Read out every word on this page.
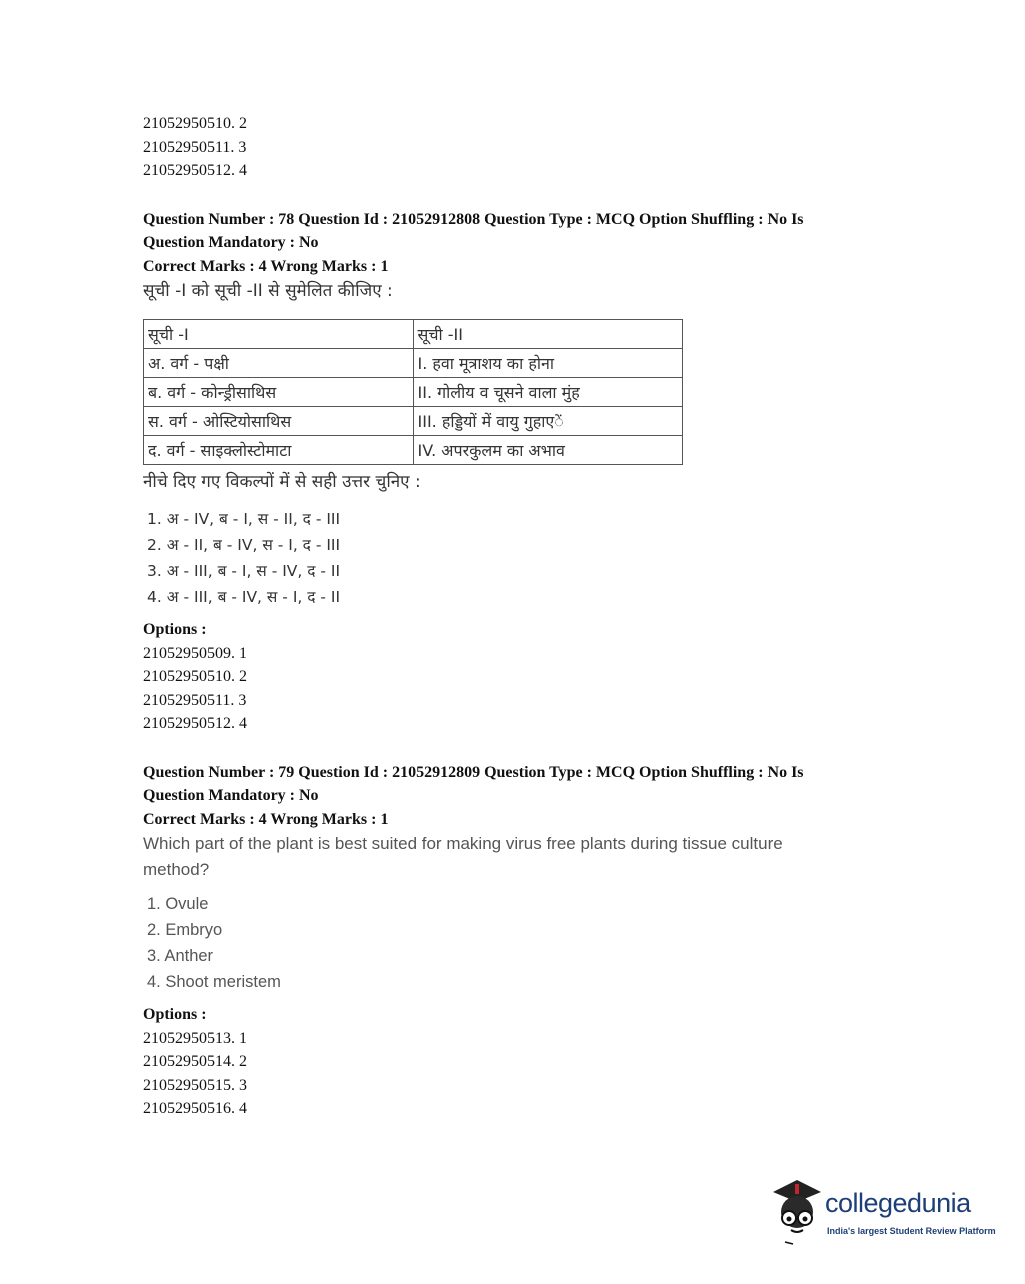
21052950510. 2
21052950511. 3
21052950512. 4
Question Number : 78 Question Id : 21052912808 Question Type : MCQ Option Shuffling : No Is
Question Mandatory : No
Correct Marks : 4 Wrong Marks : 1
सूची -I को सूची -II से सुमेलित कीजिए :
सूची -I	सूची -II
अ. वर्ग - पक्षी	I. हवा मूत्राशय का होना
ब. वर्ग - कोन्ड्रीसाथिस	II. गोलीय व चूसने वाला मुंह
स. वर्ग - ओस्टियोसाथिस	III. हड्डियों में वायु गुहाएें
द. वर्ग - साइक्लोस्टोमाटा	IV. अपरकुलम का अभाव
नीचे दिए गए विकल्पों में से सही उत्तर चुनिए :
1. अ - IV, ब - I, स - II, द - III
2. अ - II, ब - IV, स - I, द - III
3. अ - III, ब - I, स - IV, द - II
4. अ - III, ब - IV, स - I, द - II
Options :
21052950509. 1
21052950510. 2
21052950511. 3
21052950512. 4
Question Number : 79 Question Id : 21052912809 Question Type : MCQ Option Shuffling : No Is
Question Mandatory : No
Correct Marks : 4 Wrong Marks : 1
Which part of the plant is best suited for making virus free plants during tissue culture method?
1. Ovule
2. Embryo
3. Anther
4. Shoot meristem
Options :
21052950513. 1
21052950514. 2
21052950515. 3
21052950516. 4
collegedunia
India's largest Student Review Platform
